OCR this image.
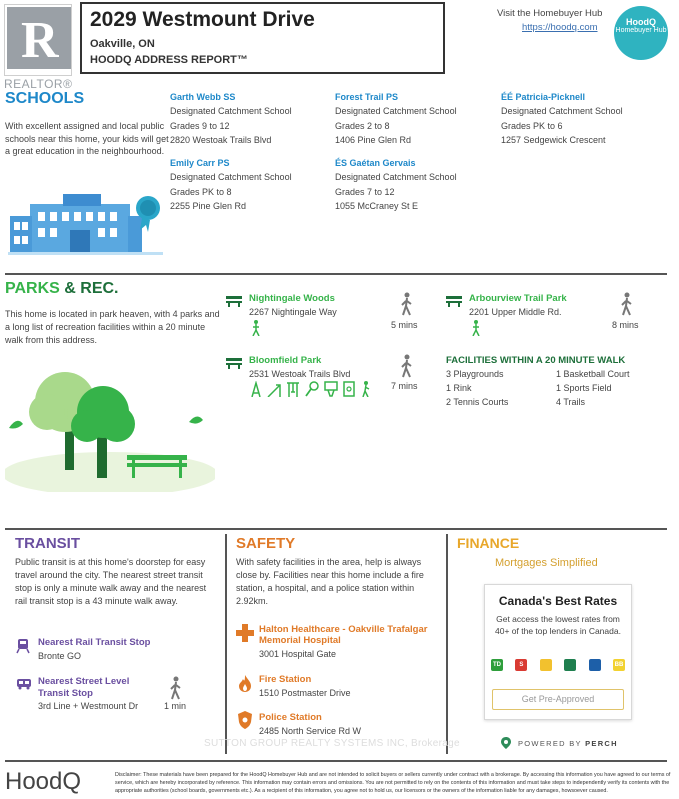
R
REALTOR®
2029 Westmount Drive
Oakville, ON
HOODQ ADDRESS REPORT™
Visit the Homebuyer Hub
https://hoodq.com	HoodQ
Homebuyer Hub
SCHOOLS
With excellent assigned and local public schools near this home, your kids will get a great education in the neighbourhood.
Garth Webb SS
Designated Catchment School
Grades 9 to 12
2820 Westoak Trails Blvd
Forest Trail PS
Designated Catchment School
Grades 2 to 8
1406 Pine Glen Rd
ÉÉ Patricia-Picknell
Designated Catchment School
Grades PK to 6
1257 Sedgewick Crescent
Emily Carr PS
Designated Catchment School
Grades PK to 8
2255 Pine Glen Rd
ÉS Gaétan Gervais
Designated Catchment School
Grades 7 to 12
1055 McCraney St E
PARKS & REC.
This home is located in park heaven, with 4 parks and a long list of recreation facilities within a 20 minute walk from this address.
Nightingale Woods
2267 Nightingale Way
5 mins
Arbourview Trail Park
2201 Upper Middle Rd.
8 mins
Bloomfield Park
2531 Westoak Trails Blvd
7 mins
FACILITIES WITHIN A 20 MINUTE WALK
3 Playgrounds	1 Basketball Court
1 Rink	1 Sports Field
2 Tennis Courts	4 Trails
TRANSIT
Public transit is at this home's doorstep for easy travel around the city. The nearest street transit stop is only a minute walk away and the nearest rail transit stop is a 43 minute walk away.
Nearest Rail Transit Stop
Bronte GO
Nearest Street Level Transit Stop
3rd Line + Westmount Dr	1 min
SAFETY
With safety facilities in the area, help is always close by. Facilities near this home include a fire station, a hospital, and a police station within 2.92km.
Halton Healthcare - Oakville Trafalgar Memorial Hospital
3001 Hospital Gate
Fire Station
1510 Postmaster Drive
Police Station
2485 North Service Rd W
FINANCE
Mortgages Simplified
Canada's Best Rates
Get access the lowest rates from 40+ of the top lenders in Canada.
TD	S	BB
Get Pre-Approved
POWERED BY PERCH
SUTTON GROUP REALTY SYSTEMS INC, Brokerage
HoodQ	Disclaimer: These materials have been prepared for the HoodQ Homebuyer Hub and are not intended to solicit buyers or sellers currently under contract with a brokerage. By accessing this information you have agreed to our terms of service, which are hereby incorporated by reference. This information may contain errors and omissions. You are not permitted to rely on the contents of this information and must take steps to independently verify its contents with the appropriate authorities (school boards, governments etc.). As a recipient of this information, you agree not to hold us, our licensors or the owners of the information liable for any damages, howsoever caused.
